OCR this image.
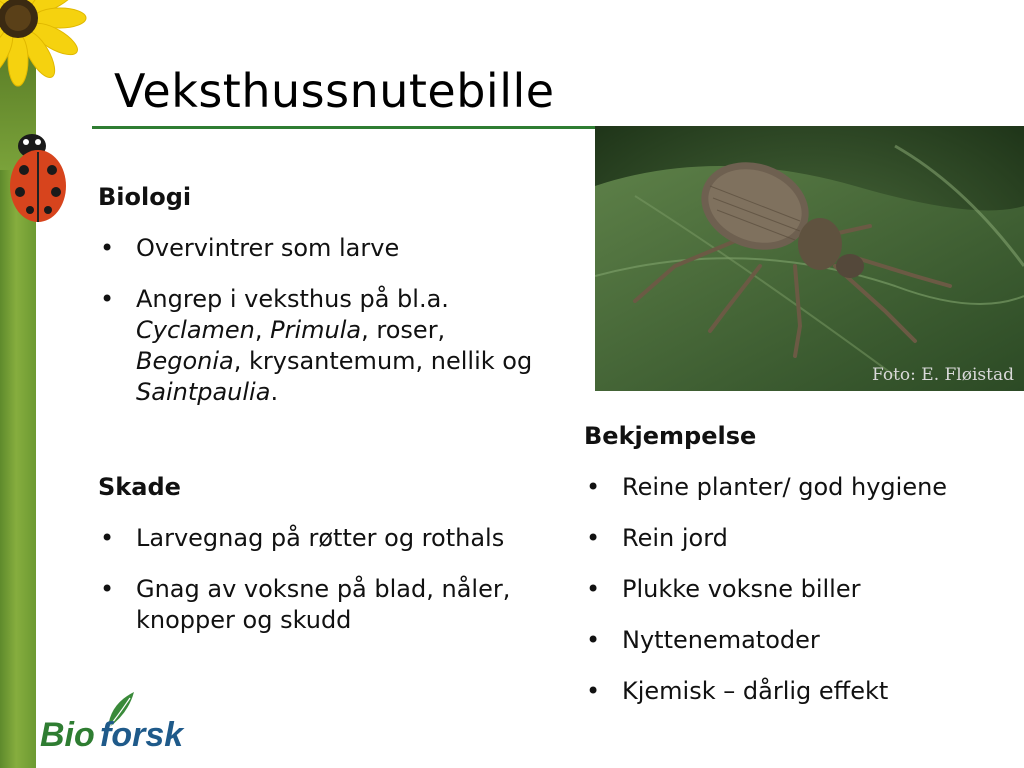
Veksthussnutebille
Foto: E. Fløistad
Biologi
• Overvintrer som larve
• Angrep i veksthus på bl.a. Cyclamen, Primula, roser, Begonia, krysantemum, nellik og Saintpaulia.
Skade
• Larvegnag på røtter og rothals
• Gnag av voksne på blad, nåler, knopper og skudd
Bekjempelse
• Reine planter/ god hygiene
• Rein jord
• Plukke voksne biller
• Nyttenematoder
• Kjemisk – dårlig effekt
Bio forsk
